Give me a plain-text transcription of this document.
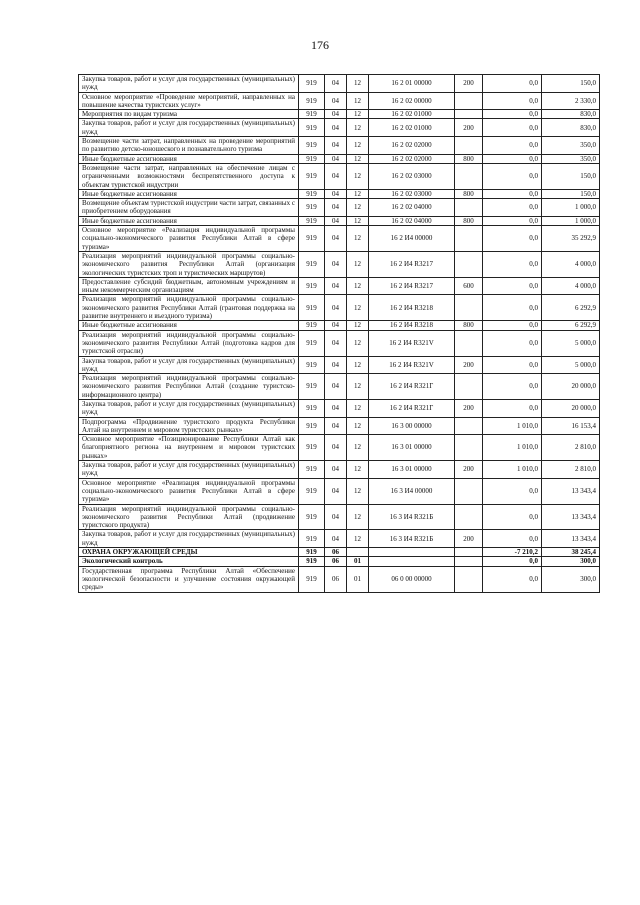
176
Закупка товаров, работ и услуг для государственных (муниципальных) нужд	919	04	12	16 2 01 00000	200	0,0	150,0
Основное мероприятие «Проведение мероприятий, направленных на повышение качества туристских услуг»	919	04	12	16 2 02 00000		0,0	2 330,0
Мероприятия по видам туризма	919	04	12	16 2 02 01000		0,0	830,0
Закупка товаров, работ и услуг для государственных (муниципальных) нужд	919	04	12	16 2 02 01000	200	0,0	830,0
Возмещение части затрат, направленных на проведение мероприятий по развитию детско-юношеского и познавательного туризма	919	04	12	16 2 02 02000		0,0	350,0
Иные бюджетные ассигнования	919	04	12	16 2 02 02000	800	0,0	350,0
Возмещение части затрат, направленных на обеспечение лицам с ограниченными возможностями беспрепятственного доступа к объектам туристской индустрии	919	04	12	16 2 02 03000		0,0	150,0
Иные бюджетные ассигнования	919	04	12	16 2 02 03000	800	0,0	150,0
Возмещение объектам туристской индустрии части затрат, связанных с приобретением оборудования	919	04	12	16 2 02 04000		0,0	1 000,0
Иные бюджетные ассигнования	919	04	12	16 2 02 04000	800	0,0	1 000,0
Основное мероприятие «Реализация индивидуальной программы социально-экономического развития Республики Алтай в сфере туризма»	919	04	12	16 2 И4 00000		0,0	35 292,9
Реализация мероприятий индивидуальной программы социально-экономического развития Республики Алтай (организация экологических туристских троп и туристических маршрутов)	919	04	12	16 2 И4 R3217		0,0	4 000,0
Предоставление субсидий бюджетным, автономным учреждениям и иным некоммерческим организациям	919	04	12	16 2 И4 R3217	600	0,0	4 000,0
Реализация мероприятий индивидуальной программы социально-экономического развития Республики Алтай (грантовая поддержка на развитие внутреннего и въездного туризма)	919	04	12	16 2 И4 R3218		0,0	6 292,9
Иные бюджетные ассигнования	919	04	12	16 2 И4 R3218	800	0,0	6 292,9
Реализация мероприятий индивидуальной программы социально-экономического развития Республики Алтай (подготовка кадров для туристской отрасли)	919	04	12	16 2 И4 R321V		0,0	5 000,0
Закупка товаров, работ и услуг для государственных (муниципальных) нужд	919	04	12	16 2 И4 R321V	200	0,0	5 000,0
Реализация мероприятий индивидуальной программы социально-экономического развития Республики Алтай (создание туристско-информационного центра)	919	04	12	16 2 И4 R321Г		0,0	20 000,0
Закупка товаров, работ и услуг для государственных (муниципальных) нужд	919	04	12	16 2 И4 R321Г	200	0,0	20 000,0
Подпрограмма «Продвижение туристского продукта Республики Алтай на внутреннем и мировом туристских рынках»	919	04	12	16 3 00 00000		1 010,0	16 153,4
Основное мероприятие «Позиционирование Республики Алтай как благоприятного региона на внутреннем и мировом туристских рынках»	919	04	12	16 3 01 00000		1 010,0	2 810,0
Закупка товаров, работ и услуг для государственных (муниципальных) нужд	919	04	12	16 3 01 00000	200	1 010,0	2 810,0
Основное мероприятие «Реализация индивидуальной программы социально-экономического развития Республики Алтай в сфере туризма»	919	04	12	16 3 И4 00000		0,0	13 343,4
Реализация мероприятий индивидуальной программы социально-экономического развития Республики Алтай (продвижение туристского продукта)	919	04	12	16 3 И4 R321Б		0,0	13 343,4
Закупка товаров, работ и услуг для государственных (муниципальных) нужд	919	04	12	16 3 И4 R321Б	200	0,0	13 343,4
ОХРАНА ОКРУЖАЮЩЕЙ СРЕДЫ	919	06				-7 210,2	38 245,4
Экологический контроль	919	06	01			0,0	300,0
Государственная программа Республики Алтай «Обеспечение экологической безопасности и улучшение состояния окружающей среды»	919	06	01	06 0 00 00000		0,0	300,0
